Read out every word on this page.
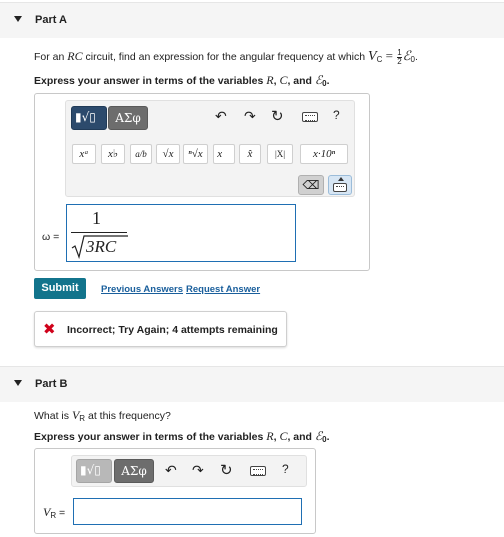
Part A
For an RC circuit, find an expression for the angular frequency at which $V_C = \frac{1}{2}$ ℰ$_0$.
Express your answer in terms of the variables R, C, and ℰ$_0$.
▮√▯	ΑΣφ	↶ ↷ ↻	?
xᵃ	x♭	a/b	√x	ⁿ√x	x⃗	x̂	|X|	x·10ⁿ
⌫
ω =
1
3RC
Submit	Previous Answers Request Answer
✖ Incorrect; Try Again; 4 attempts remaining
Part B
What is $V_R$ at this frequency?
Express your answer in terms of the variables R, C, and ℰ$_0$.
▮√▯	ΑΣφ	↶ ↷ ↻	?
$V_R$ =
